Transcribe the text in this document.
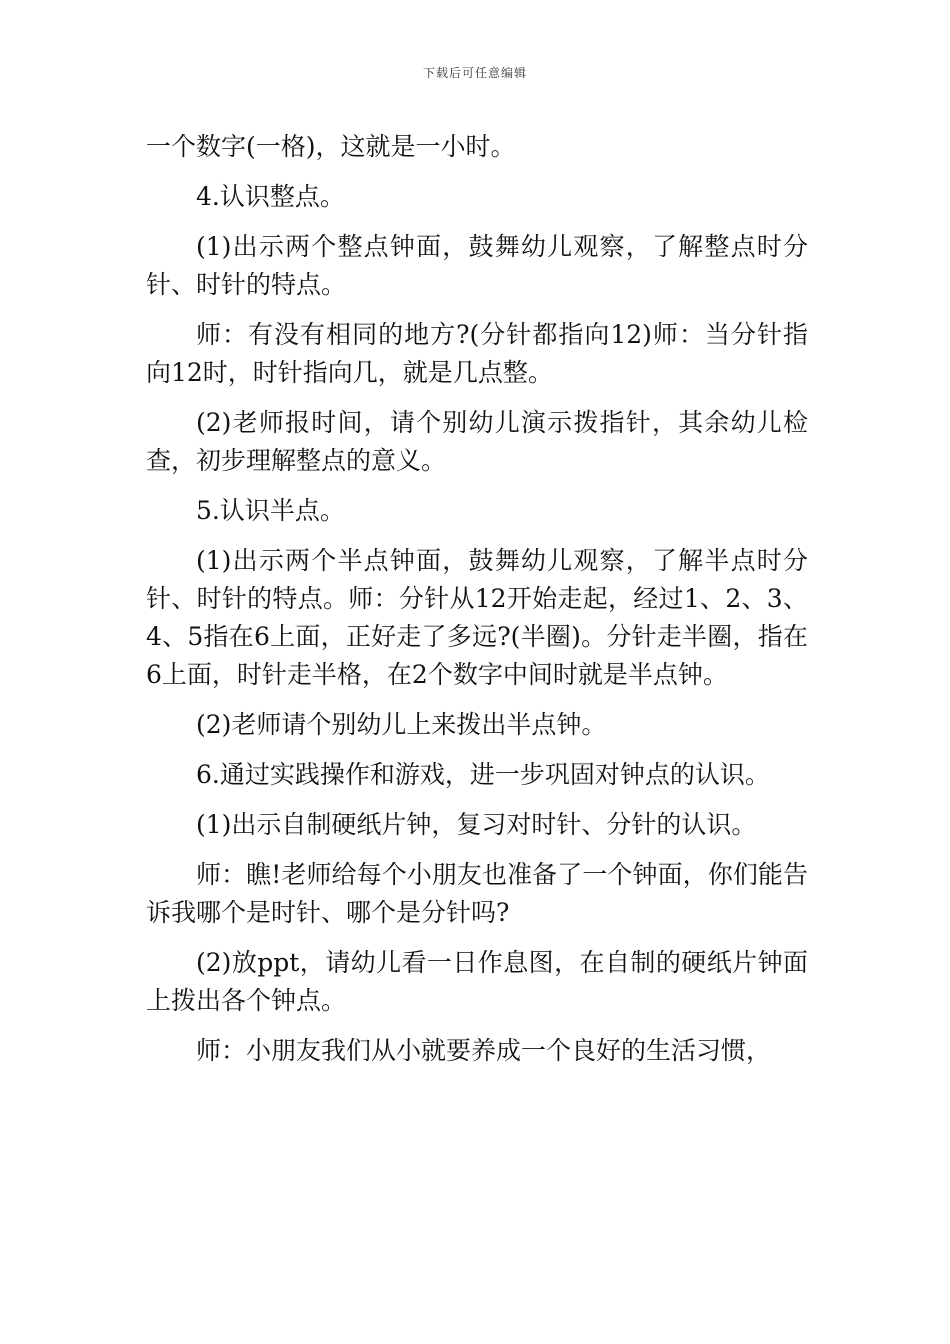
下载后可任意编辑

一个数字(一格)，这就是一小时。

4.认识整点。

(1)出示两个整点钟面，鼓舞幼儿观察，了解整点时分针、时针的特点。

师：有没有相同的地方?(分针都指向12)师：当分针指向12时，时针指向几，就是几点整。

(2)老师报时间，请个别幼儿演示拨指针，其余幼儿检查，初步理解整点的意义。

5.认识半点。

(1)出示两个半点钟面，鼓舞幼儿观察，了解半点时分针、时针的特点。师：分针从12开始走起，经过1、2、3、4、5指在6上面，正好走了多远?(半圈)。分针走半圈，指在6上面，时针走半格，在2个数字中间时就是半点钟。

(2)老师请个别幼儿上来拨出半点钟。

6.通过实践操作和游戏，进一步巩固对钟点的认识。

(1)出示自制硬纸片钟，复习对时针、分针的认识。

师：瞧!老师给每个小朋友也准备了一个钟面，你们能告诉我哪个是时针、哪个是分针吗?

(2)放ppt，请幼儿看一日作息图，在自制的硬纸片钟面上拨出各个钟点。

师：小朋友我们从小就要养成一个良好的生活习惯，
